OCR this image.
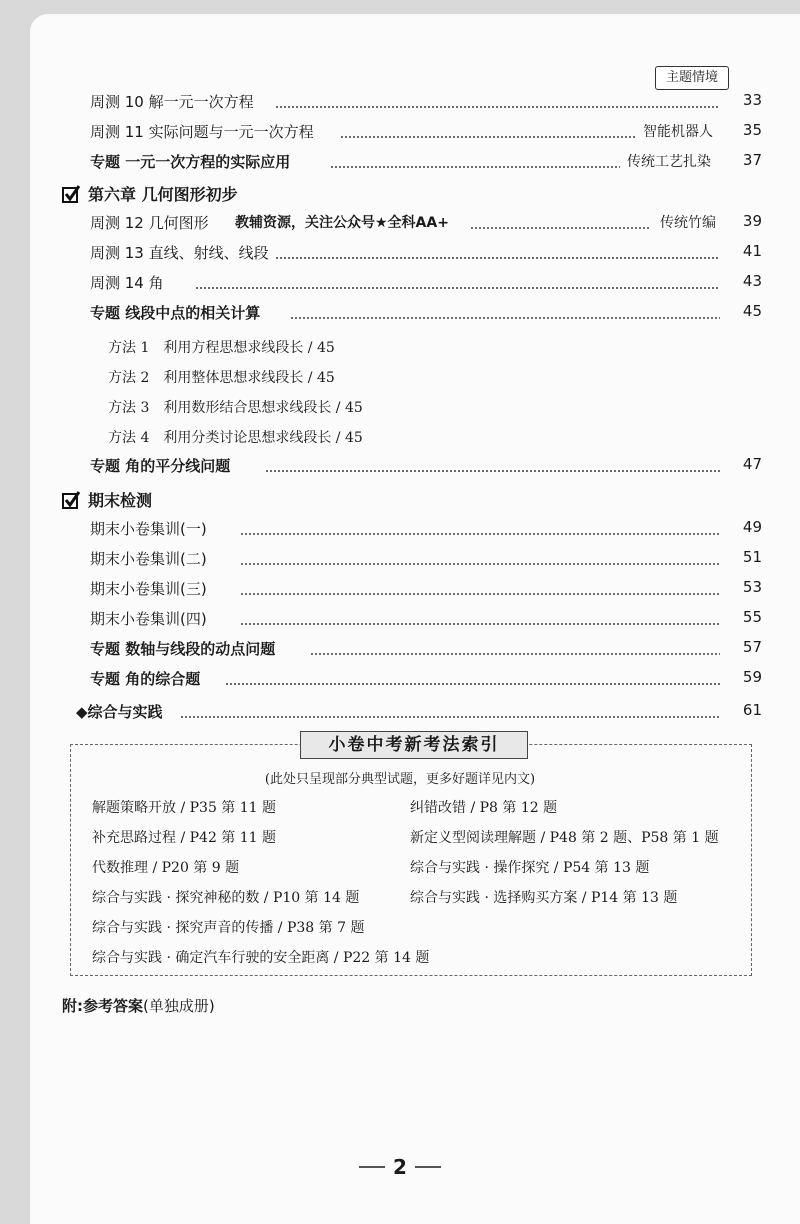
主题情境
周测 10 解一元一次方程	33
周测 11 实际问题与一元一次方程	智能机器人 35
专题 一元一次方程的实际应用	传统工艺扎染 37
第六章 几何图形初步
周测 12 几何图形 教辅资源，关注公众号★全科AA+	传统竹编 39
周测 13 直线、射线、线段	41
周测 14 角	43
专题 线段中点的相关计算	45
方法 1 利用方程思想求线段长 / 45
方法 2 利用整体思想求线段长 / 45
方法 3 利用数形结合思想求线段长 / 45
方法 4 利用分类讨论思想求线段长 / 45
专题 角的平分线问题	47
期末检测
期末小卷集训(一)	49
期末小卷集训(二)	51
期末小卷集训(三)	53
期末小卷集训(四)	55
专题 数轴与线段的动点问题	57
专题 角的综合题	59
◆综合与实践	61
小卷中考新考法索引
(此处只呈现部分典型试题，更多好题详见内文)
解题策略开放 / P35 第 11 题
补充思路过程 / P42 第 11 题
代数推理 / P20 第 9 题
综合与实践 · 探究神秘的数 / P10 第 14 题
综合与实践 · 探究声音的传播 / P38 第 7 题
综合与实践 · 确定汽车行驶的安全距离 / P22 第 14 题
纠错改错 / P8 第 12 题
新定义型阅读理解题 / P48 第 2 题、P58 第 1 题
综合与实践 · 操作探究 / P54 第 13 题
综合与实践 · 选择购买方案 / P14 第 13 题
附:参考答案(单独成册)
2
